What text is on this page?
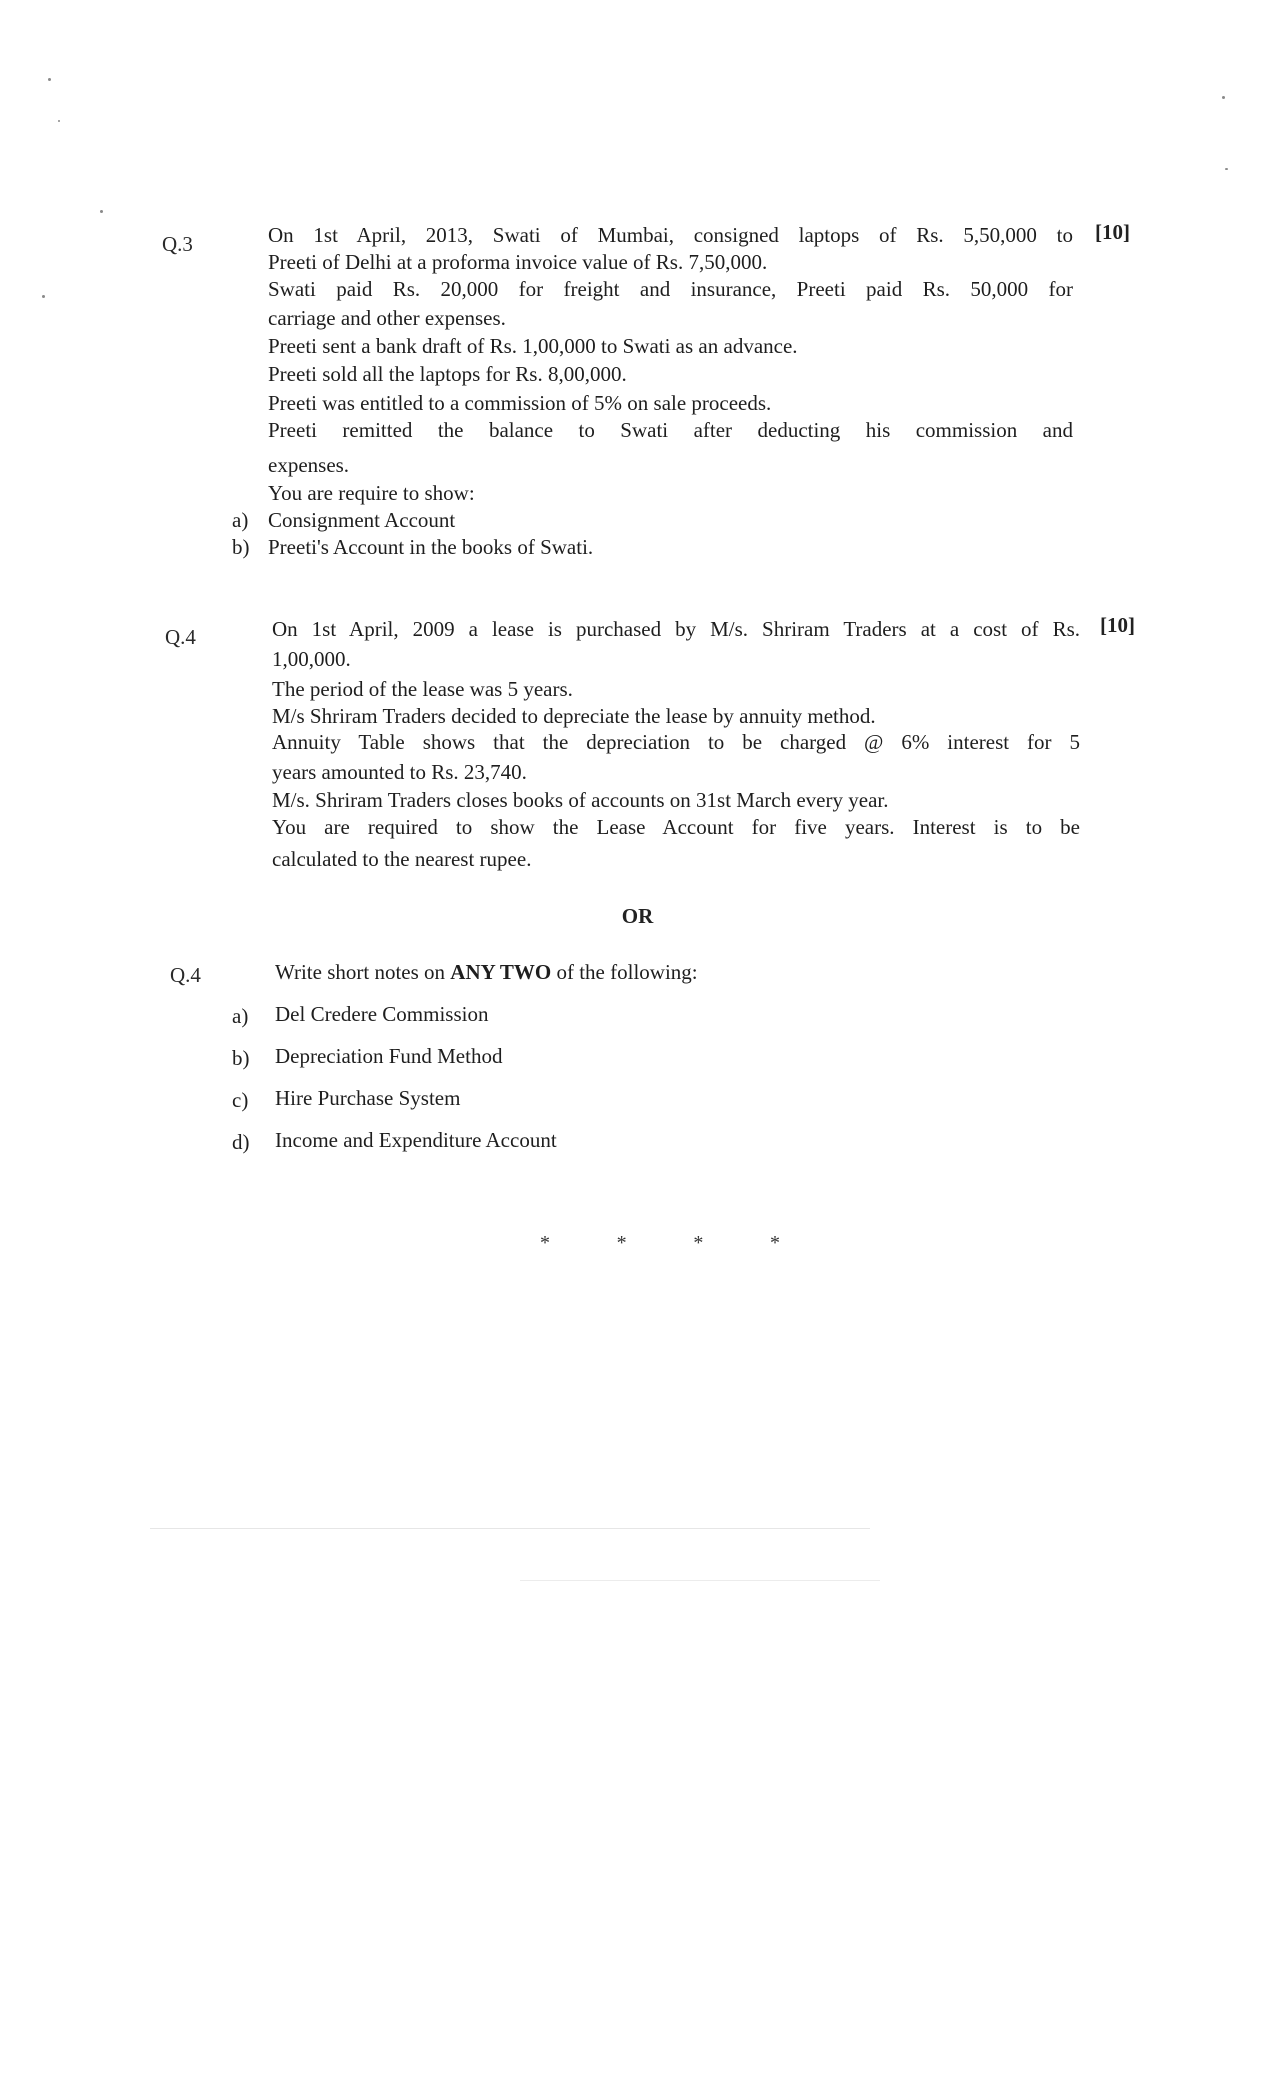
Q.3	[10]
On 1st April, 2013, Swati of Mumbai, consigned laptops of Rs. 5,50,000 to
Preeti of Delhi at a proforma invoice value of Rs. 7,50,000.
Swati paid Rs. 20,000 for freight and insurance, Preeti paid Rs. 50,000 for
carriage and other expenses.
Preeti sent a bank draft of Rs. 1,00,000 to Swati as an advance.
Preeti sold all the laptops for Rs. 8,00,000.
Preeti was entitled to a commission of 5% on sale proceeds.
Preeti remitted the balance to Swati after deducting his commission and
expenses.
You are require to show:
a) Consignment Account
b) Preeti's Account in the books of Swati.
Q.4	[10]
On 1st April, 2009 a lease is purchased by M/s. Shriram Traders at a cost of Rs.
1,00,000.
The period of the lease was 5 years.
M/s Shriram Traders decided to depreciate the lease by annuity method.
Annuity Table shows that the depreciation to be charged @ 6% interest for 5
years amounted to Rs. 23,740.
M/s. Shriram Traders closes books of accounts on 31st March every year.
You are required to show the Lease Account for five years. Interest is to be
calculated to the nearest rupee.
OR
Q.4	Write short notes on ANY TWO of the following:
a) Del Credere Commission
b) Depreciation Fund Method
c) Hire Purchase System
d) Income and Expenditure Account
*	*	*	*
